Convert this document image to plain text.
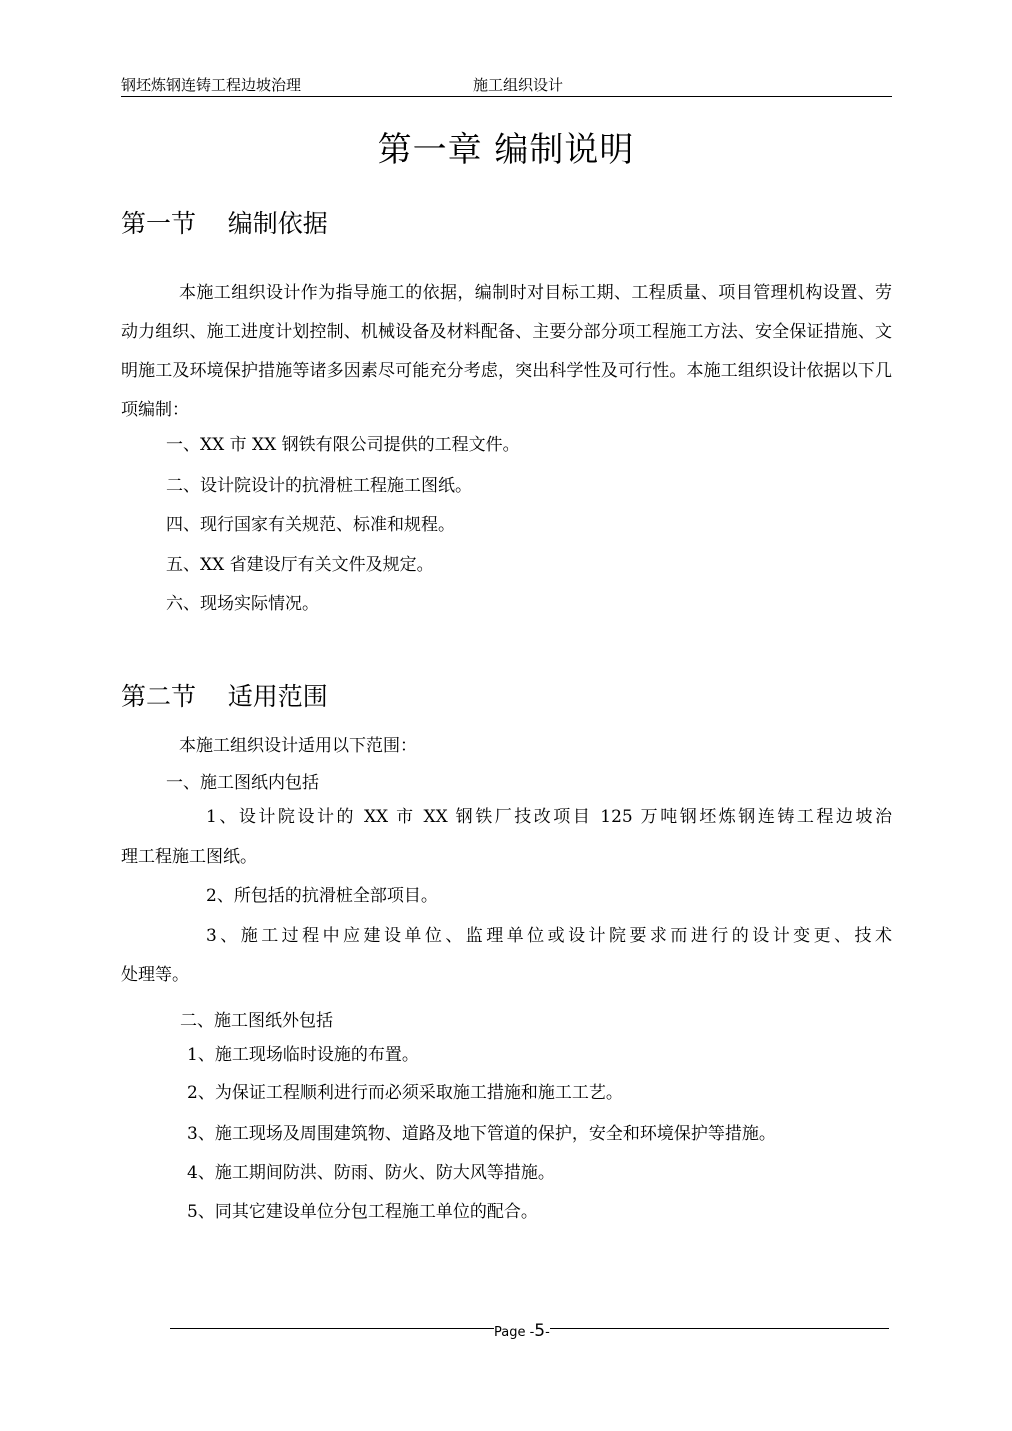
钢坯炼钢连铸工程边坡治理	施工组织设计
第一章 编制说明
第一节    编制依据
本施工组织设计作为指导施工的依据，编制时对目标工期、工程质量、项目管理机构设置、劳动力组织、施工进度计划控制、机械设备及材料配备、主要分部分项工程施工方法、安全保证措施、文明施工及环境保护措施等诸多因素尽可能充分考虑，突出科学性及可行性。本施工组织设计依据以下几项编制：
一、XX 市 XX 钢铁有限公司提供的工程文件。
二、设计院设计的抗滑桩工程施工图纸。
四、现行国家有关规范、标准和规程。
五、XX 省建设厅有关文件及规定。
六、现场实际情况。
第二节    适用范围
本施工组织设计适用以下范围：
一、施工图纸内包括
1、设计院设计的 XX 市 XX 钢铁厂技改项目 125 万吨钢坯炼钢连铸工程边坡治
理工程施工图纸。
2、所包括的抗滑桩全部项目。
3、施工过程中应建设单位、监理单位或设计院要求而进行的设计变更、技术
处理等。
二、施工图纸外包括
1、施工现场临时设施的布置。
2、为保证工程顺利进行而必须采取施工措施和施工工艺。
3、施工现场及周围建筑物、道路及地下管道的保护，安全和环境保护等措施。
4、施工期间防洪、防雨、防火、防大风等措施。
5、同其它建设单位分包工程施工单位的配合。
Page -5-
